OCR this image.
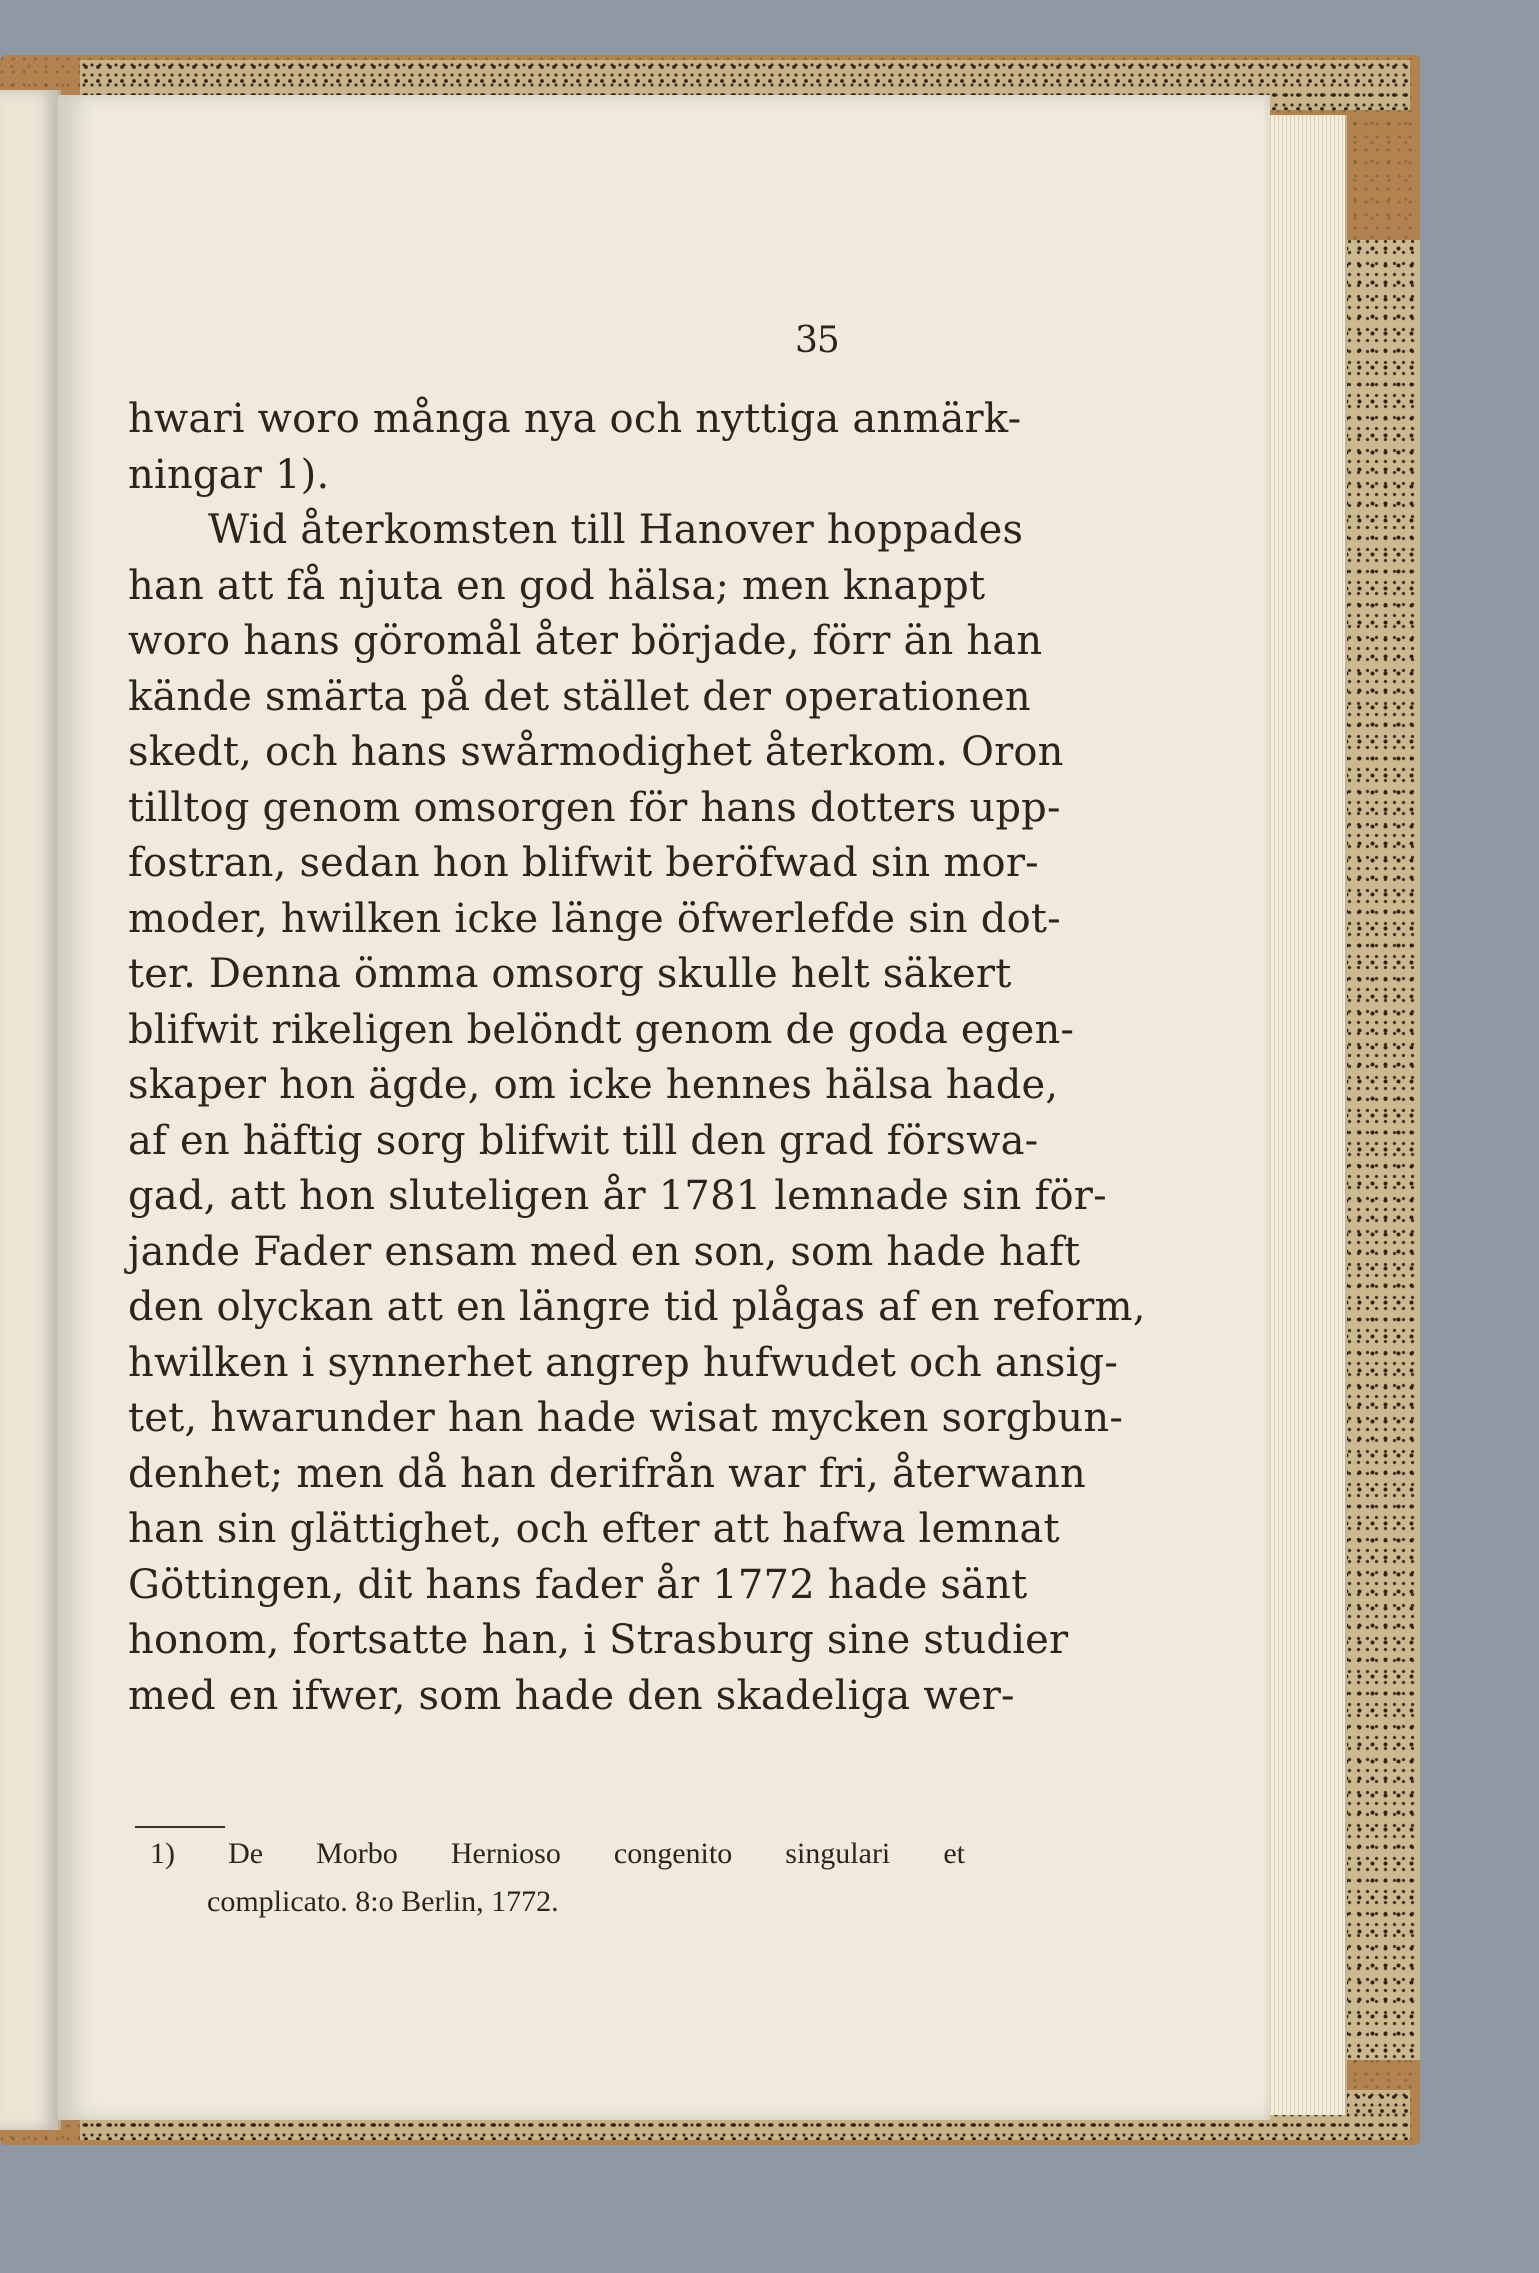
35
hwari woro många nya och nyttiga anmärk-
ningar 1).
Wid återkomsten till Hanover hoppades
han att få njuta en god hälsa; men knappt
woro hans göromål åter började, förr än han
kände smärta på det stället der operationen
skedt, och hans swårmodighet återkom. Oron
tilltog genom omsorgen för hans dotters upp-
fostran, sedan hon blifwit beröfwad sin mor-
moder, hwilken icke länge öfwerlefde sin dot-
ter. Denna ömma omsorg skulle helt säkert
blifwit rikeligen belöndt genom de goda egen-
skaper hon ägde, om icke hennes hälsa hade,
af en häftig sorg blifwit till den grad förswa-
gad, att hon sluteligen år 1781 lemnade sin för-
jande Fader ensam med en son, som hade haft
den olyckan att en längre tid plågas af en reform,
hwilken i synnerhet angrep hufwudet och ansig-
tet, hwarunder han hade wisat mycken sorgbun-
denhet; men då han derifrån war fri, återwann
han sin glättighet, och efter att hafwa lemnat
Göttingen, dit hans fader år 1772 hade sänt
honom, fortsatte han, i Strasburg sine studier
med en ifwer, som hade den skadeliga wer-
1) De Morbo Hernioso congenito singulari et
complicato. 8:o Berlin, 1772.
